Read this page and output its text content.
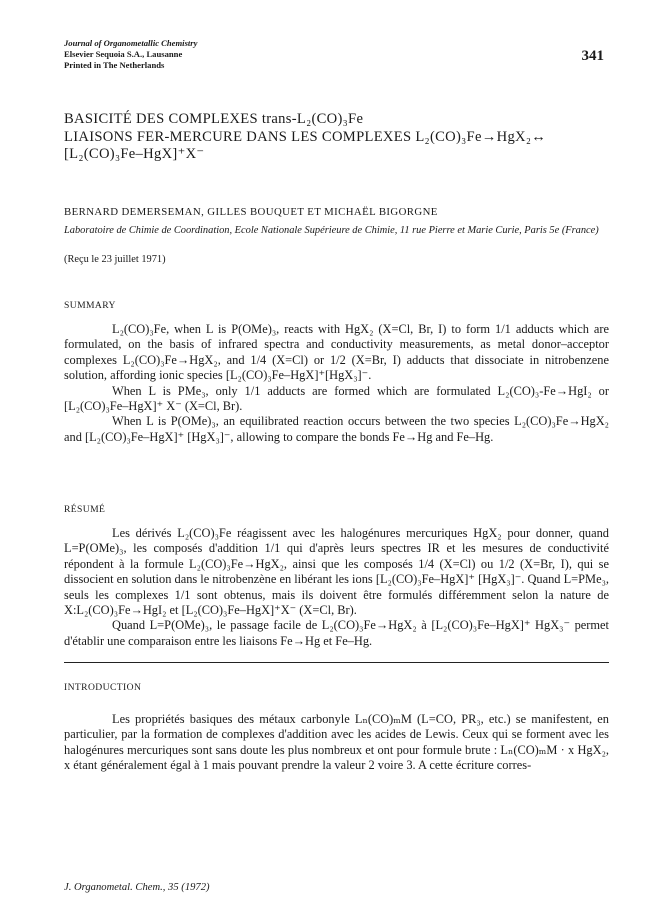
Journal of Organometallic Chemistry
Elsevier Sequoia S.A., Lausanne
Printed in The Netherlands
341
BASICITÉ DES COMPLEXES trans-L₂(CO)₃Fe
LIAISONS FER-MERCURE DANS LES COMPLEXES L₂(CO)₃Fe→HgX₂↔
[L₂(CO)₃Fe–HgX]⁺X⁻
BERNARD DEMERSEMAN, GILLES BOUQUET ET MICHAËL BIGORGNE
Laboratoire de Chimie de Coordination, Ecole Nationale Supérieure de Chimie, 11 rue Pierre et Marie Curie, Paris 5e (France)
(Reçu le 23 juillet 1971)
SUMMARY

L₂(CO)₃Fe, when L is P(OMe)₃, reacts with HgX₂ (X=Cl, Br, I) to form 1/1 adducts which are formulated, on the basis of infrared spectra and conductivity measurements, as metal donor–acceptor complexes L₂(CO)₃Fe→HgX₂, and 1/4 (X=Cl) or 1/2 (X=Br, I) adducts that dissociate in nitrobenzene solution, affording ionic species [L₂(CO)₃Fe–HgX]⁺[HgX₃]⁻.

When L is PMe₃, only 1/1 adducts are formed which are formulated L₂(CO)₃-Fe→HgI₂ or [L₂(CO)₃Fe–HgX]⁺ X⁻ (X=Cl, Br).

When L is P(OMe)₃, an equilibrated reaction occurs between the two species L₂(CO)₃Fe→HgX₂ and [L₂(CO)₃Fe–HgX]⁺ [HgX₃]⁻, allowing to compare the bonds Fe→Hg and Fe–Hg.

RÉSUMÉ

Les dérivés L₂(CO)₃Fe réagissent avec les halogénures mercuriques HgX₂ pour donner, quand L=P(OMe)₃, les composés d'addition 1/1 qui d'après leurs spectres IR et les mesures de conductivité répondent à la formule L₂(CO)₃Fe→HgX₂, ainsi que les composés 1/4 (X=Cl) ou 1/2 (X=Br, I), qui se dissocient en solution dans le nitrobenzène en libérant les ions [L₂(CO)₃Fe–HgX]⁺ [HgX₃]⁻. Quand L=PMe₃, seuls les complexes 1/1 sont obtenus, mais ils doivent être formulés différemment selon la nature de X:L₂(CO)₃Fe→HgI₂ et [L₂(CO)₃Fe–HgX]⁺X⁻ (X=Cl, Br).

Quand L=P(OMe)₃, le passage facile de L₂(CO)₃Fe→HgX₂ à [L₂(CO)₃Fe–HgX]⁺ HgX₃⁻ permet d'établir une comparaison entre les liaisons Fe→Hg et Fe–Hg.

INTRODUCTION

Les propriétés basiques des métaux carbonyle Lₙ(CO)ₘM (L=CO, PR₃, etc.) se manifestent, en particulier, par la formation de complexes d'addition avec les acides de Lewis. Ceux qui se forment avec les halogénures mercuriques sont sans doute les plus nombreux et ont pour formule brute : Lₙ(CO)ₘM · x HgX₂, x étant généralement égal à 1 mais pouvant prendre la valeur 2 voire 3. A cette écriture corres-

J. Organometal. Chem., 35 (1972)
